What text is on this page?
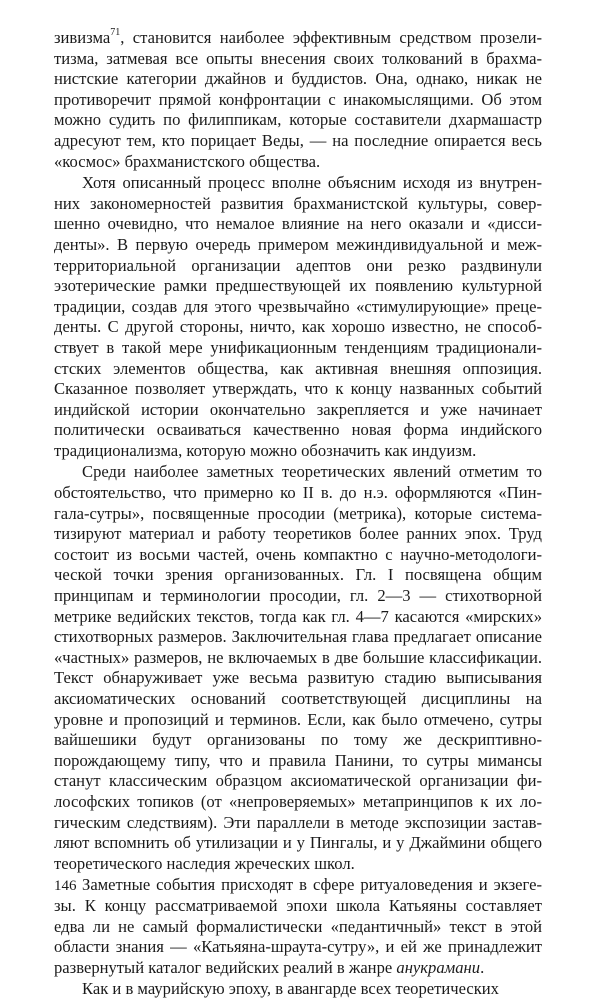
зивизма$^{71}$, становится наиболее эффективным средством прозелитизма, затмевая все опыты внесения своих толкований в брахманистские категории джайнов и буддистов. Она, однако, никак не противоречит прямой конфронтации с инакомыслящими. Об этом можно судить по филиппикам, которые составители дхармашастр адресуют тем, кто порицает Веды, — на последние опирается весь «космос» брахманистского общества.

Хотя описанный процесс вполне объясним исходя из внутренних закономерностей развития брахманистской культуры, совершенно очевидно, что немалое влияние на него оказали и «диссиденты». В первую очередь примером межиндивидуальной и межтерриториальной организации адептов они резко раздвинули эзотерические рамки предшествующей их появлению культурной традиции, создав для этого чрезвычайно «стимулирующие» прецеденты. С другой стороны, ничто, как хорошо известно, не способствует в такой мере унификационным тенденциям традиционалистских элементов общества, как активная внешняя оппозиция. Сказанное позволяет утверждать, что к концу названных событий индийской истории окончательно закрепляется и уже начинает политически осваиваться качественно новая форма индийского традиционализма, которую можно обозначить как индуизм.

Среди наиболее заметных теоретических явлений отметим то обстоятельство, что примерно ко II в. до н.э. оформляются «Пингала-сутры», посвященные просодии (метрика), которые системaтизируют материал и работу теоретиков более ранних эпох. Труд состоит из восьми частей, очень компактно с научно-методологической точки зрения организованных. Гл. I посвящена общим принципам и терминологии просодии, гл. 2—3 — стихотворной метрике ведийских текстов, тогда как гл. 4—7 касаются «мирских» стихотворных размеров. Заключительная глава предлагает описание «частных» размеров, не включаемых в две большие классификации. Текст обнаруживает уже весьма развитую стадию выписывания аксиоматических оснований соответствующей дисциплины на уровне и пропозиций и терминов. Если, как было отмечено, сутры вайшешики будут организованы по тому же дескриптивно-порождающему типу, что и правила Панини, то сутры мимансы станут классическим образцом аксиоматической организации философских топиков (от «непроверяемых» метапринципов к их логическим следствиям). Эти параллели в методе экспозиции заставляют вспомнить об утилизации и у Пингалы, и у Джаймини общего теоретического наследия жреческих школ.

Заметные события присходят в сфере ритуаловедения и экзегезы. К концу рассматриваемой эпохи школа Катьяяны составляет едва ли не самый формалистически «педантичный» текст в этой области знания — «Катьяяна-шраута-сутру», и ей же принадлежит развернутый каталог ведийских реалий в жанре анукрамани.

Как и в маурийскую эпоху, в авангарде всех теоретических

146
